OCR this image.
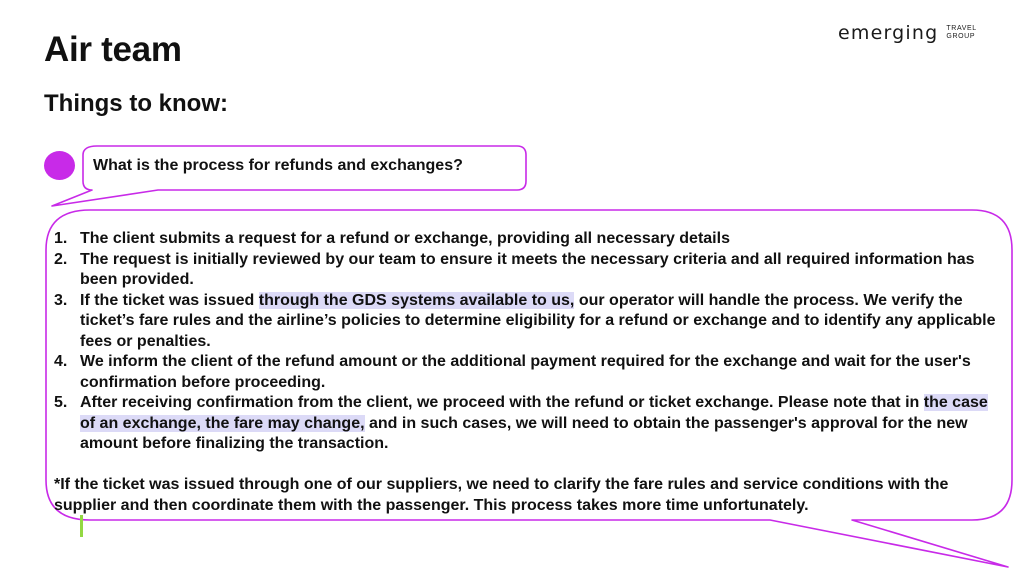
Air team
Things to know:
emerging TRAVEL
GROUP

What is the process for refunds and exchanges?

1. The client submits a request for a refund or exchange, providing all necessary details
2. The request is initially reviewed by our team to ensure it meets the necessary criteria and all required information has been provided.
3. If the ticket was issued through the GDS systems available to us, our operator will handle the process. We verify the ticket’s fare rules and the airline’s policies to determine eligibility for a refund or exchange and to identify any applicable fees or penalties.
4. We inform the client of the refund amount or the additional payment required for the exchange and wait for the user's confirmation before proceeding.
5. After receiving confirmation from the client, we proceed with the refund or ticket exchange. Please note that in the case of an exchange, the fare may change, and in such cases, we will need to obtain the passenger's approval for the new amount before finalizing the transaction.

*If the ticket was issued through one of our suppliers, we need to clarify the fare rules and service conditions with the supplier and then coordinate them with the passenger. This process takes more time unfortunately.
